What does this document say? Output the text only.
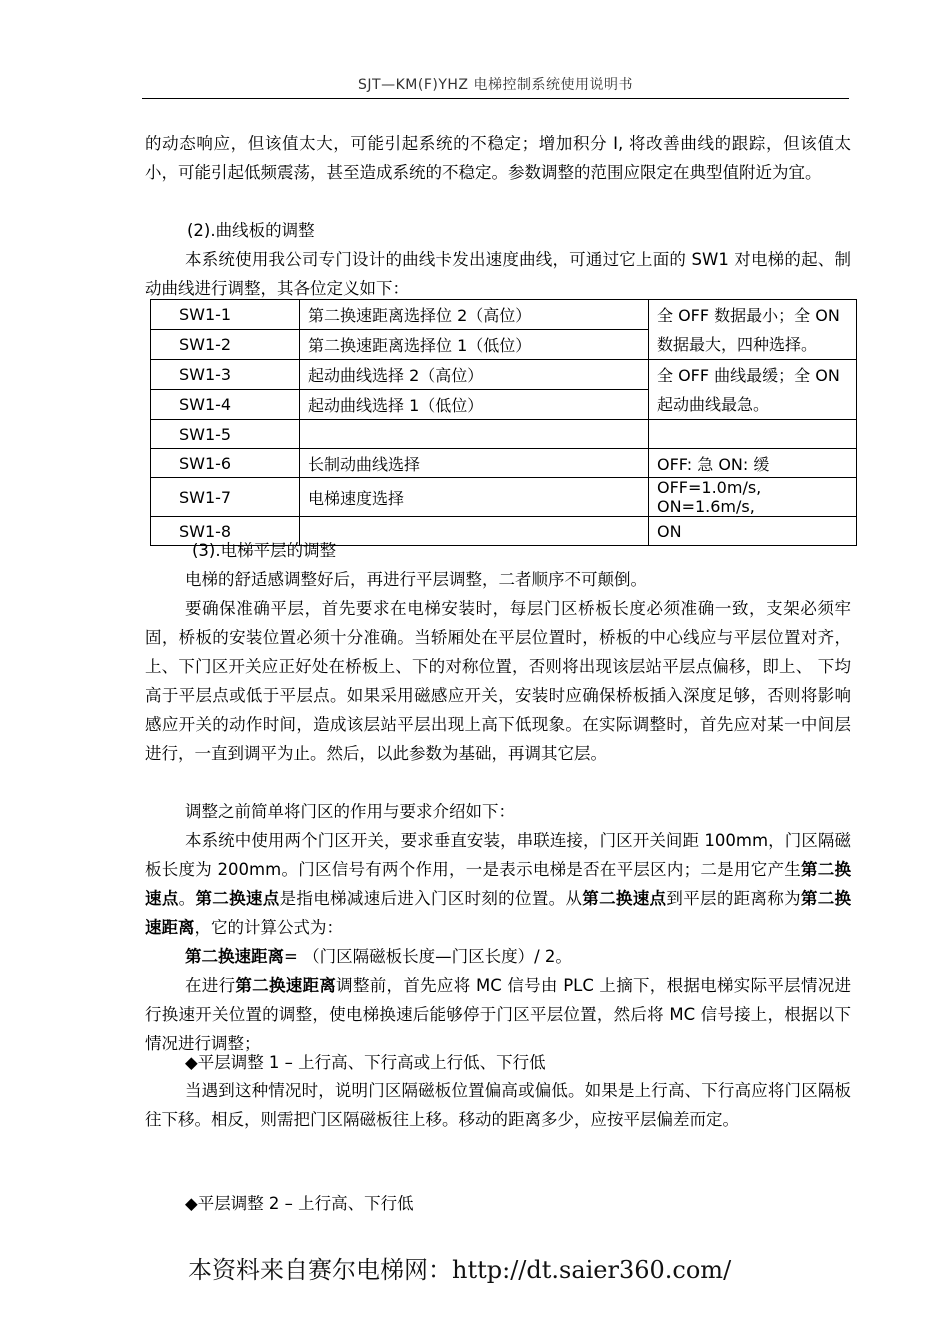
SJT—KM(F)YHZ 电梯控制系统使用说明书

的动态响应，但该值太大，可能引起系统的不稳定；增加积分 I, 将改善曲线的跟踪，但该值太小，可能引起低频震荡，甚至造成系统的不稳定。参数调整的范围应限定在典型值附近为宜。

(2).曲线板的调整

本系统使用我公司专门设计的曲线卡发出速度曲线，可通过它上面的 SW1 对电梯的起、制动曲线进行调整，其各位定义如下：

SW1-1	第二换速距离选择位 2（高位）	全 OFF 数据最小；全 ON 数据最大，四种选择。
SW1-2	第二换速距离选择位 1（低位）	
SW1-3	起动曲线选择 2（高位）	全 OFF 曲线最缓；全 ON 起动曲线最急。
SW1-4	起动曲线选择 1（低位）	
SW1-5		
SW1-6	长制动曲线选择	OFF: 急 ON: 缓
SW1-7	电梯速度选择	OFF=1.0m/s, ON=1.6m/s,
SW1-8		ON
(3).电梯平层的调整
电梯的舒适感调整好后，再进行平层调整，二者顺序不可颠倒。

要确保准确平层，首先要求在电梯安装时，每层门区桥板长度必须准确一致，支架必须牢固，桥板的安装位置必须十分准确。当轿厢处在平层位置时，桥板的中心线应与平层位置对齐，上、下门区开关应正好处在桥板上、下的对称位置，否则将出现该层站平层点偏移，即上、 下均高于平层点或低于平层点。如果采用磁感应开关，安装时应确保桥板插入深度足够，否则将影响感应开关的动作时间，造成该层站平层出现上高下低现象。在实际调整时，首先应对某一中间层进行，一直到调平为止。然后，以此参数为基础，再调其它层。

调整之前简单将门区的作用与要求介绍如下：

本系统中使用两个门区开关，要求垂直安装，串联连接，门区开关间距 100mm，门区隔磁板长度为 200mm。门区信号有两个作用，一是表示电梯是否在平层区内；二是用它产生第二换速点。第二换速点是指电梯减速后进入门区时刻的位置。从第二换速点到平层的距离称为第二换速距离，它的计算公式为：

第二换速距离= （门区隔磁板长度—门区长度）/ 2。

在进行第二换速距离调整前，首先应将 MC 信号由 PLC 上摘下，根据电梯实际平层情况进行换速开关位置的调整，使电梯换速后能够停于门区平层位置，然后将 MC 信号接上，根据以下情况进行调整；

◆平层调整 1 – 上行高、下行高或上行低、下行低

当遇到这种情况时，说明门区隔磁板位置偏高或偏低。如果是上行高、下行高应将门区隔板往下移。相反，则需把门区隔磁板往上移。移动的距离多少，应按平层偏差而定。

◆平层调整 2 – 上行高、下行低
本资料来自赛尔电梯网：http://dt.saier360.com/
